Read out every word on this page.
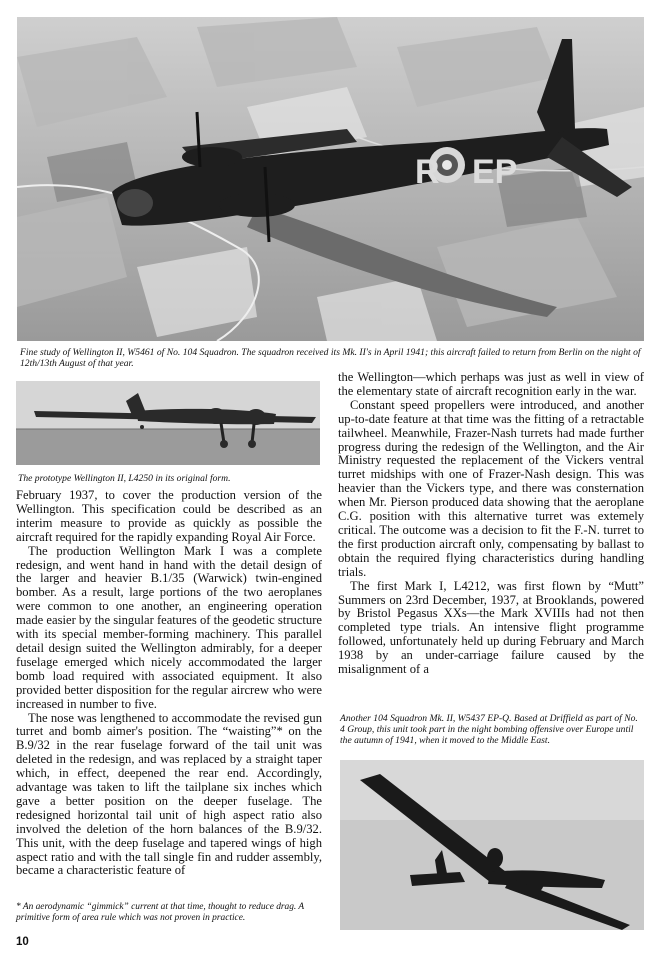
R EP
Fine study of Wellington II, W5461 of No. 104 Squadron. The squadron received its Mk. II's in April 1941; this aircraft failed to return from Berlin on the night of 12th/13th August of that year.
The prototype Wellington II, L4250 in its original form.

February 1937, to cover the production version of the Wellington. This specification could be described as an interim measure to provide as quickly as possible the aircraft required for the rapidly expanding Royal Air Force.

The production Wellington Mark I was a complete redesign, and went hand in hand with the detail design of the larger and heavier B.1/35 (Warwick) twin-engined bomber. As a result, large portions of the two aeroplanes were common to one another, an engineering operation made easier by the singular features of the geodetic structure with its special member-forming machinery. This parallel detail design suited the Wellington admirably, for a deeper fuselage emerged which nicely accommodated the larger bomb load required with associated equipment. It also provided better disposition for the regular aircrew who were increased in number to five.

The nose was lengthened to accommodate the revised gun turret and bomb aimer's position. The “waisting”* on the B.9/32 in the rear fuselage forward of the tail unit was deleted in the redesign, and was replaced by a straight taper which, in effect, deepened the rear end. Accordingly, advantage was taken to lift the tailplane six inches which gave a better position on the deeper fuselage. The redesigned horizontal tail unit of high aspect ratio also involved the deletion of the horn balances of the B.9/32. This unit, with the deep fuselage and tapered wings of high aspect ratio and with the tall single fin and rudder assembly, became a characteristic feature of

the Wellington—which perhaps was just as well in view of the elementary state of aircraft recognition early in the war.

Constant speed propellers were introduced, and another up-to-date feature at that time was the fitting of a retractable tailwheel. Meanwhile, Frazer-Nash turrets had made further progress during the redesign of the Wellington, and the Air Ministry requested the replacement of the Vickers ventral turret midships with one of Frazer-Nash design. This was heavier than the Vickers type, and there was consternation when Mr. Pierson produced data showing that the aeroplane C.G. position with this alternative turret was extemely critical. The outcome was a decision to fit the F.-N. turret to the first production aircraft only, compensating by ballast to obtain the required flying characteristics during handling trials.

The first Mark I, L4212, was first flown by “Mutt” Summers on 23rd December, 1937, at Brooklands, powered by Bristol Pegasus XXs—the Mark XVIIIs had not then completed type trials. An intensive flight programme followed, unfortunately held up during February and March 1938 by an under-carriage failure caused by the misalignment of a

Another 104 Squadron Mk. II, W5437 EP-Q. Based at Driffield as part of No. 4 Group, this unit took part in the night bombing offensive over Europe until the autumn of 1941, when it moved to the Middle East.
* An aerodynamic “gimmick” current at that time, thought to reduce drag. A primitive form of area rule which was not proven in practice.
10
